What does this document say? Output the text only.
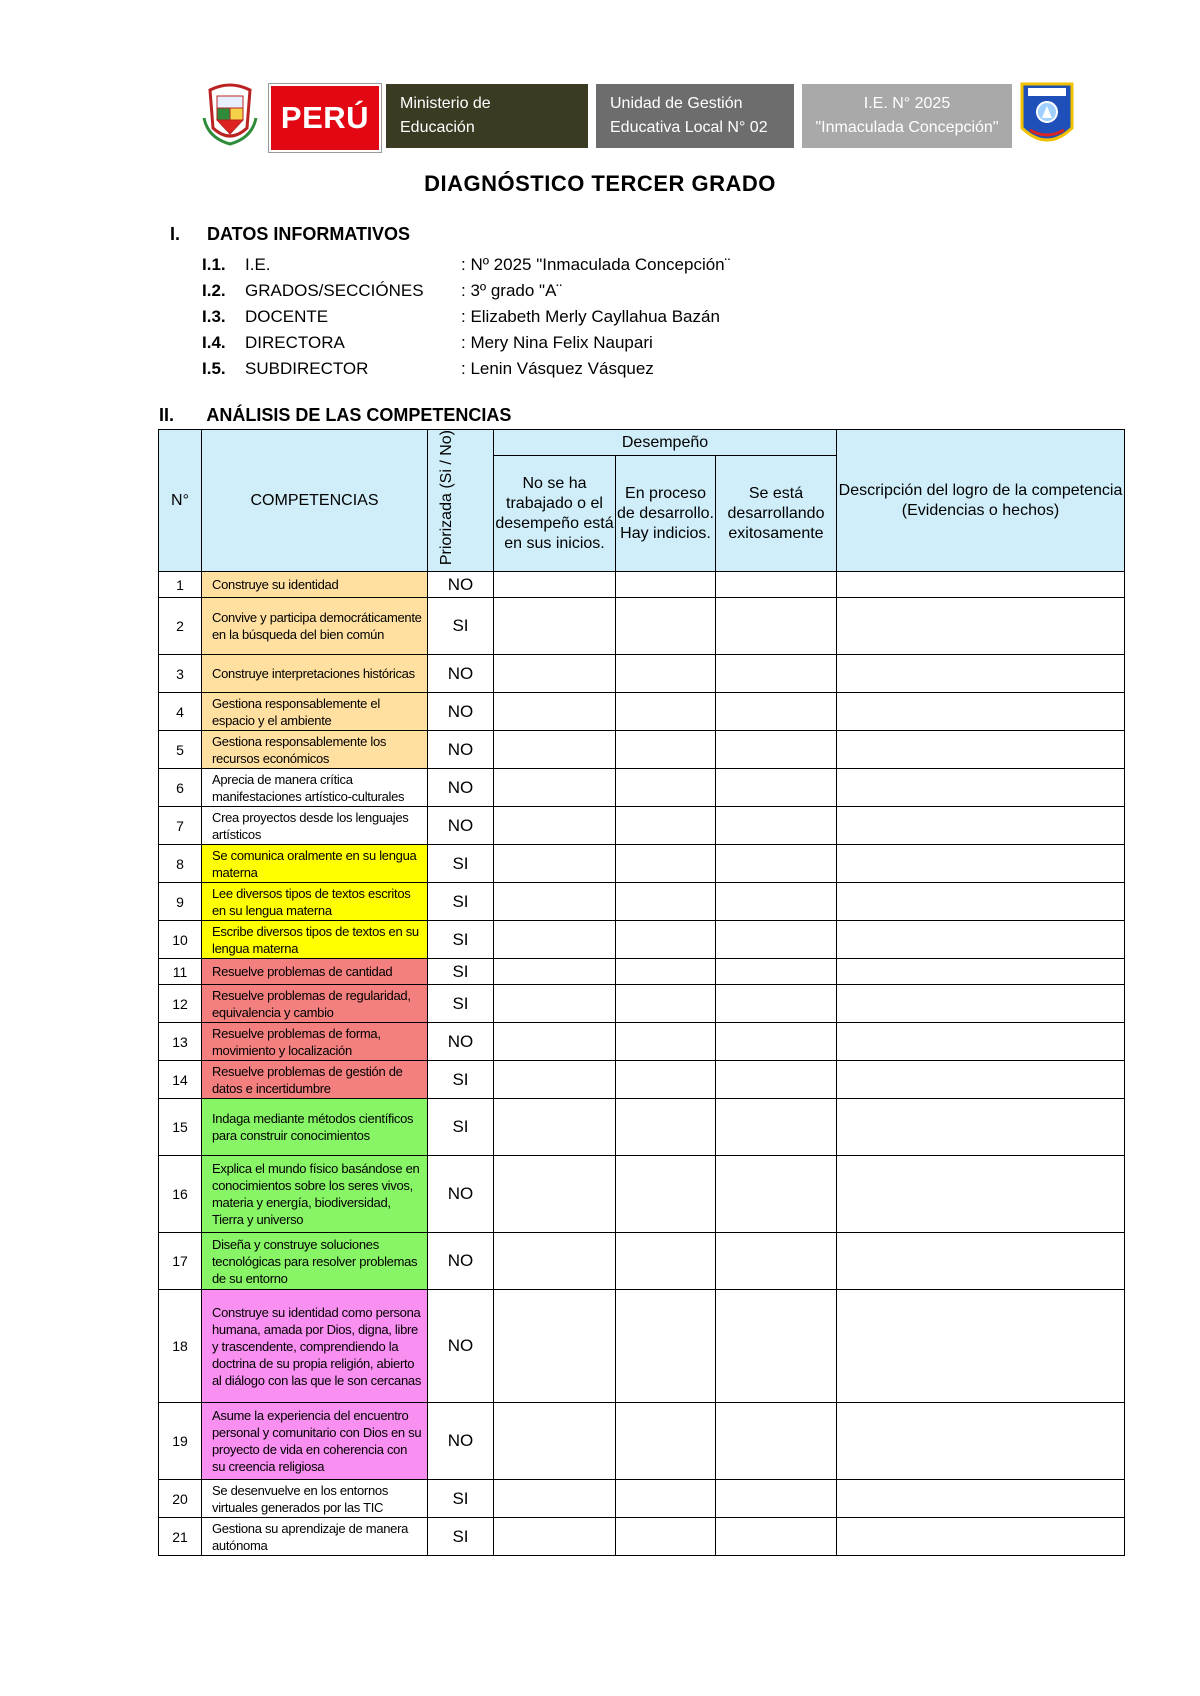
PERÚ	Ministerio de
Educación
Unidad de Gestión
Educativa Local N° 02
I.E. N° 2025
"Inmaculada Concepción"
DIAGNÓSTICO TERCER GRADO
I. DATOS INFORMATIVOS
I.1.	I.E.	: Nº 2025 "Inmaculada Concepción¨
I.2.	GRADOS/SECCIÓNES	: 3º grado "A¨
I.3.	DOCENTE	: Elizabeth Merly Cayllahua Bazán
I.4.	DIRECTORA	: Mery Nina Felix Naupari
I.5.	SUBDIRECTOR	: Lenin Vásquez Vásquez
II. ANÁLISIS DE LAS COMPETENCIAS
N°	COMPETENCIAS	Priorizada (Si / No)	Desempeño			Descripción del logro de la competencia (Evidencias o hechos)
			No se ha trabajado o el desempeño está en sus inicios.	En proceso de desarrollo. Hay indicios.	Se está desarrollando exitosamente	
1	Construye su identidad	NO				
2	Convive y participa democráticamente en la búsqueda del bien común	SI				
3	Construye interpretaciones históricas	NO				
4	Gestiona responsablemente el espacio y el ambiente	NO				
5	Gestiona responsablemente los recursos económicos	NO				
6	Aprecia de manera crítica manifestaciones artístico-culturales	NO				
7	Crea proyectos desde los lenguajes artísticos	NO				
8	Se comunica oralmente en su lengua materna	SI				
9	Lee diversos tipos de textos escritos en su lengua materna	SI				
10	Escribe diversos tipos de textos en su lengua materna	SI				
11	Resuelve problemas de cantidad	SI				
12	Resuelve problemas de regularidad, equivalencia y cambio	SI				
13	Resuelve problemas de forma, movimiento y localización	NO				
14	Resuelve problemas de gestión de datos e incertidumbre	SI				
15	Indaga mediante métodos científicos para construir conocimientos	SI				
16	Explica el mundo físico basándose en conocimientos sobre los seres vivos, materia y energía, biodiversidad, Tierra y universo	NO				
17	Diseña y construye soluciones tecnológicas para resolver problemas de su entorno	NO				
18	Construye su identidad como persona humana, amada por Dios, digna, libre y trascendente, comprendiendo la doctrina de su propia religión, abierto al diálogo con las que le son cercanas	NO				
19	Asume la experiencia del encuentro personal y comunitario con Dios en su proyecto de vida en coherencia con su creencia religiosa	NO				
20	Se desenvuelve en los entornos virtuales generados por las TIC	SI				
21	Gestiona su aprendizaje de manera autónoma	SI				
